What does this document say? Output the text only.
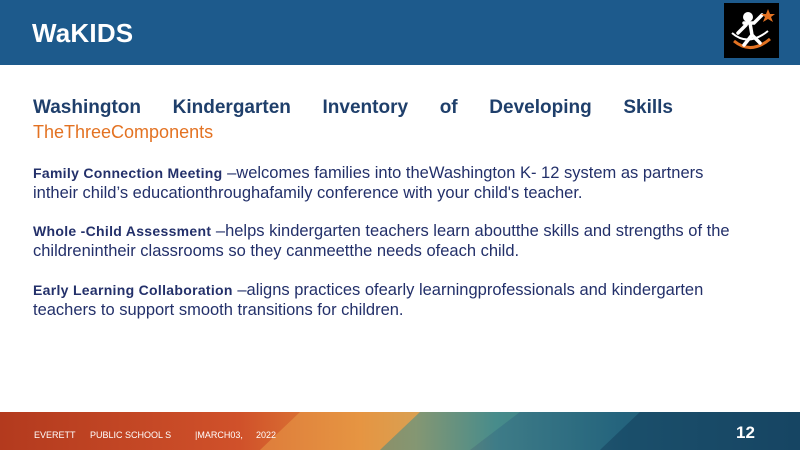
WaKIDS
Washington Kindergarten Inventory of Developing Skills
TheThreeComponents
Family Connection Meeting –welcomes families into theWashington K- 12 system as partners intheir child’s educationthroughafamily conference with your child's teacher.
Whole -Child Assessment –helps kindergarten teachers learn aboutthe skills and strengths of the childrenintheir classrooms so they canmeetthe needs ofeach child.
Early Learning Collaboration –aligns practices ofearly learningprofessionals and kindergarten teachers to support smooth transitions for children.
EVERETT PUBLIC SCHOOL S	|MARCH03, 2022	12
